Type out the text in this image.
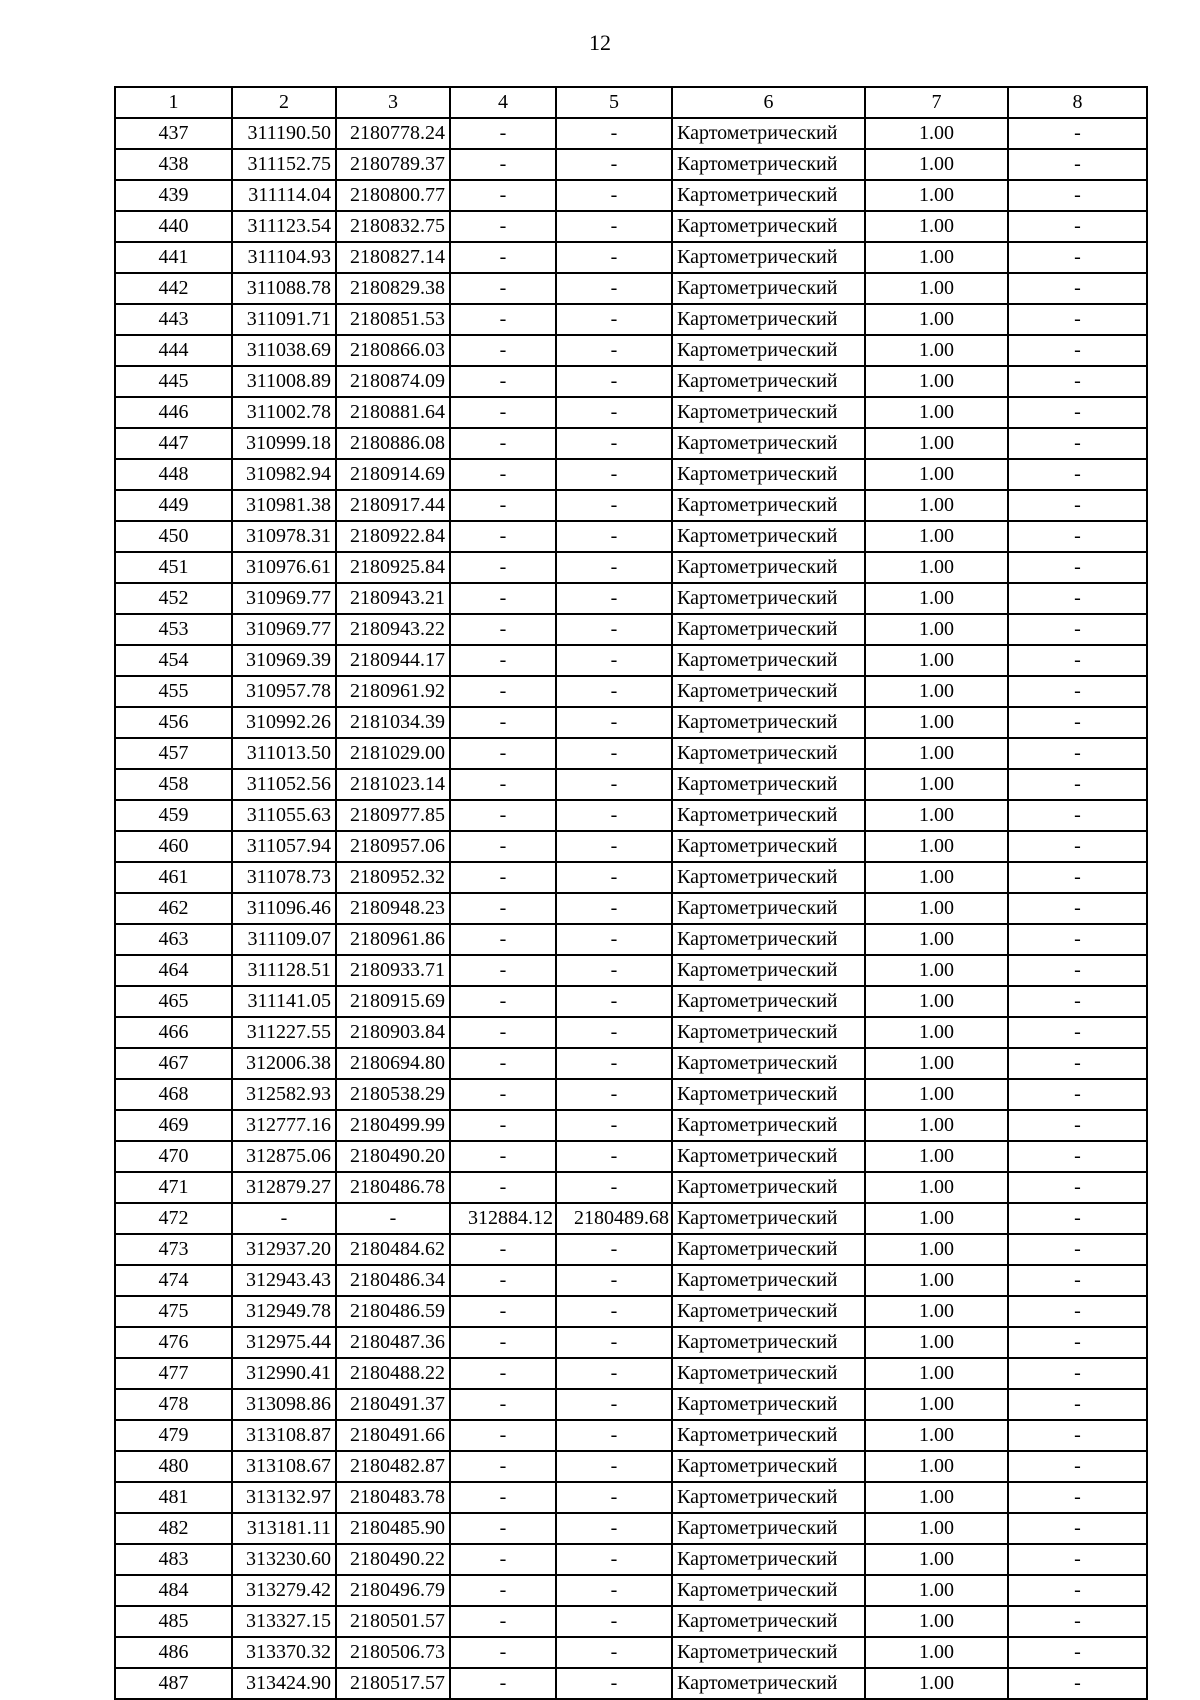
12
1	2	3	4	5	6	7	8
437	311190.50	2180778.24	-	-	Картометрический	1.00	-
438	311152.75	2180789.37	-	-	Картометрический	1.00	-
439	311114.04	2180800.77	-	-	Картометрический	1.00	-
440	311123.54	2180832.75	-	-	Картометрический	1.00	-
441	311104.93	2180827.14	-	-	Картометрический	1.00	-
442	311088.78	2180829.38	-	-	Картометрический	1.00	-
443	311091.71	2180851.53	-	-	Картометрический	1.00	-
444	311038.69	2180866.03	-	-	Картометрический	1.00	-
445	311008.89	2180874.09	-	-	Картометрический	1.00	-
446	311002.78	2180881.64	-	-	Картометрический	1.00	-
447	310999.18	2180886.08	-	-	Картометрический	1.00	-
448	310982.94	2180914.69	-	-	Картометрический	1.00	-
449	310981.38	2180917.44	-	-	Картометрический	1.00	-
450	310978.31	2180922.84	-	-	Картометрический	1.00	-
451	310976.61	2180925.84	-	-	Картометрический	1.00	-
452	310969.77	2180943.21	-	-	Картометрический	1.00	-
453	310969.77	2180943.22	-	-	Картометрический	1.00	-
454	310969.39	2180944.17	-	-	Картометрический	1.00	-
455	310957.78	2180961.92	-	-	Картометрический	1.00	-
456	310992.26	2181034.39	-	-	Картометрический	1.00	-
457	311013.50	2181029.00	-	-	Картометрический	1.00	-
458	311052.56	2181023.14	-	-	Картометрический	1.00	-
459	311055.63	2180977.85	-	-	Картометрический	1.00	-
460	311057.94	2180957.06	-	-	Картометрический	1.00	-
461	311078.73	2180952.32	-	-	Картометрический	1.00	-
462	311096.46	2180948.23	-	-	Картометрический	1.00	-
463	311109.07	2180961.86	-	-	Картометрический	1.00	-
464	311128.51	2180933.71	-	-	Картометрический	1.00	-
465	311141.05	2180915.69	-	-	Картометрический	1.00	-
466	311227.55	2180903.84	-	-	Картометрический	1.00	-
467	312006.38	2180694.80	-	-	Картометрический	1.00	-
468	312582.93	2180538.29	-	-	Картометрический	1.00	-
469	312777.16	2180499.99	-	-	Картометрический	1.00	-
470	312875.06	2180490.20	-	-	Картометрический	1.00	-
471	312879.27	2180486.78	-	-	Картометрический	1.00	-
472	-	-	312884.12	2180489.68	Картометрический	1.00	-
473	312937.20	2180484.62	-	-	Картометрический	1.00	-
474	312943.43	2180486.34	-	-	Картометрический	1.00	-
475	312949.78	2180486.59	-	-	Картометрический	1.00	-
476	312975.44	2180487.36	-	-	Картометрический	1.00	-
477	312990.41	2180488.22	-	-	Картометрический	1.00	-
478	313098.86	2180491.37	-	-	Картометрический	1.00	-
479	313108.87	2180491.66	-	-	Картометрический	1.00	-
480	313108.67	2180482.87	-	-	Картометрический	1.00	-
481	313132.97	2180483.78	-	-	Картометрический	1.00	-
482	313181.11	2180485.90	-	-	Картометрический	1.00	-
483	313230.60	2180490.22	-	-	Картометрический	1.00	-
484	313279.42	2180496.79	-	-	Картометрический	1.00	-
485	313327.15	2180501.57	-	-	Картометрический	1.00	-
486	313370.32	2180506.73	-	-	Картометрический	1.00	-
487	313424.90	2180517.57	-	-	Картометрический	1.00	-
